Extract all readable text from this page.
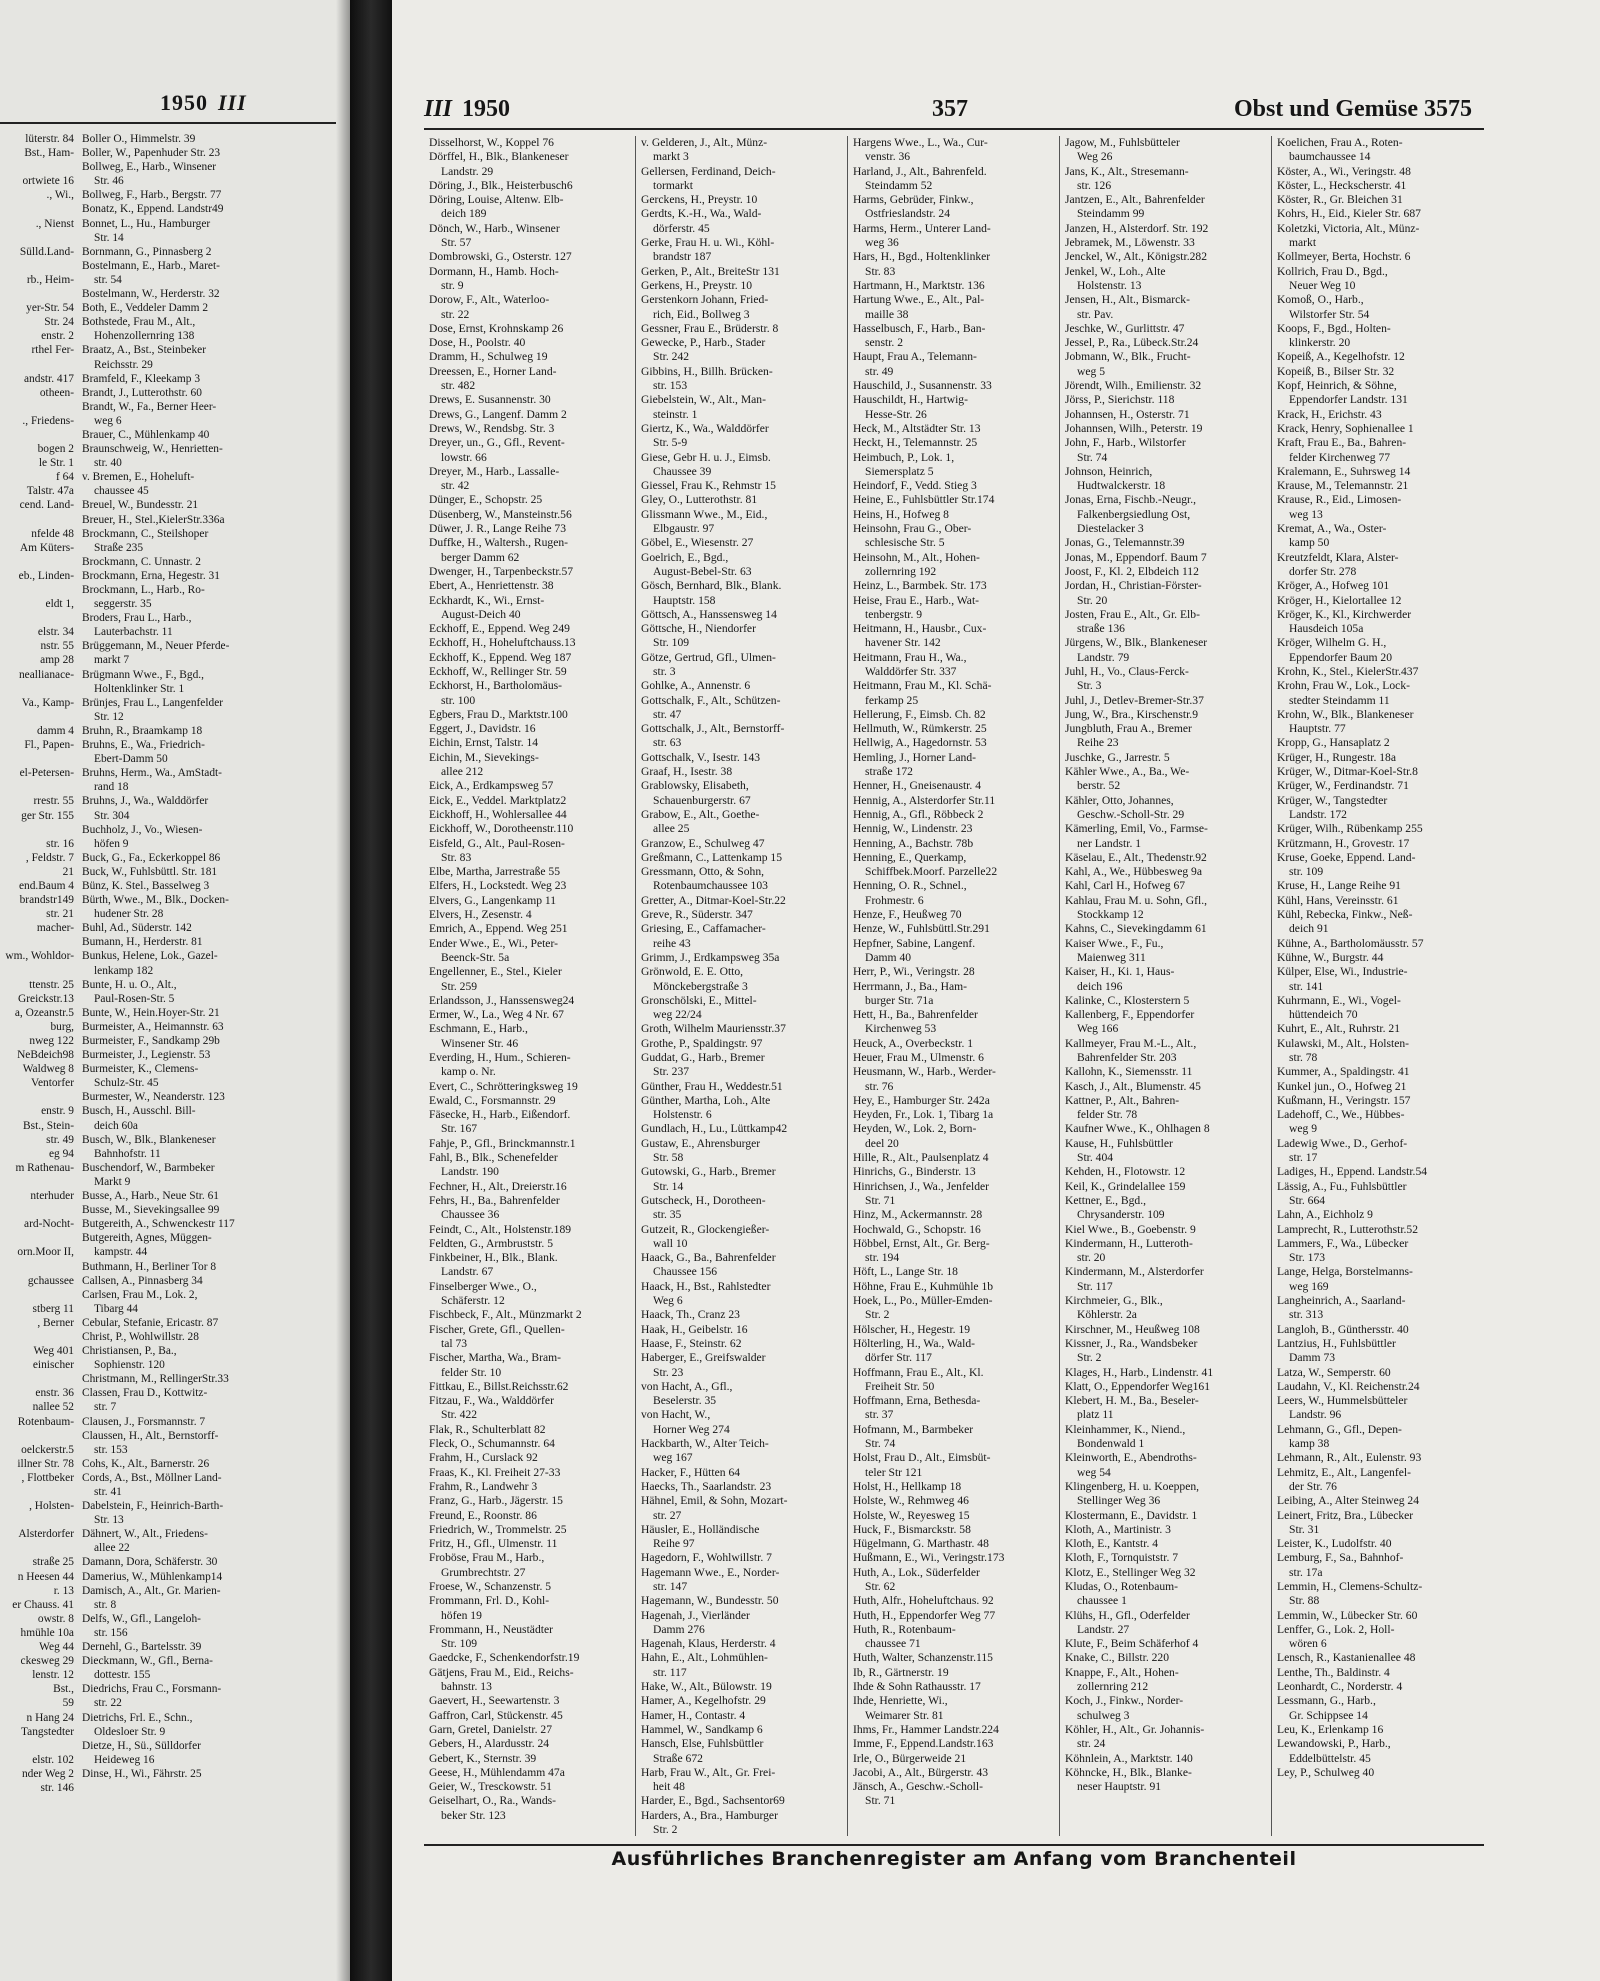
1950 III
lüterstr. 84
Bst., Ham-

ortwiete 16
., Wi.,

., Nienst

Sülld.Land-

rb., Heim-

yer-Str. 54
Str. 24
enstr. 2
rthel Fer-

andstr. 417
otheen-

., Friedens-

bogen 2
le Str. 1
f 64
Talstr. 47a
cend. Land-

nfelde 48
Am Küters-

eb., Linden-

eldt 1,

elstr. 34
nstr. 55
amp 28
neallianace-

Va., Kamp-

damm 4
Fl., Papen-

el-Petersen-

rrestr. 55
ger Str. 155

str. 16
, Feldstr. 7
21
end.Baum 4
brandstr149
str. 21
macher-

wm., Wohldor-

ttenstr. 25
Greickstr.13
a, Ozeanstr.5
burg,
nweg 122
NeBdeich98
Waldweg 8
Ventorfer

enstr. 9
Bst., Stein-
str. 49
eg 94
m Rathenau-

nterhuder

ard-Nocht-

orn.Moor II,

gchaussee

stberg 11
, Berner

Weg 401
einischer

enstr. 36
nallee 52
Rotenbaum-

oelckerstr.5
illner Str. 78
, Flottbeker

, Holsten-

Alsterdorfer

straße 25
n Heesen 44
r. 13
er Chauss. 41
owstr. 8
hmühle 10a
Weg 44
ckesweg 29
lenstr. 12
Bst.,
59
n Hang 24
Tangstedter

elstr. 102
nder Weg 2
str. 146
Boller O., Himmelstr. 39
Boller, W., Papenhuder Str. 23
Bollweg, E., Harb., Winsener
Str. 46
Bollweg, F., Harb., Bergstr. 77
Bonatz, K., Eppend. Landstr49
Bonnet, L., Hu., Hamburger
Str. 14
Bornmann, G., Pinnasberg 2
Bostelmann, E., Harb., Maret-
str. 54
Bostelmann, W., Herderstr. 32
Both, E., Veddeler Damm 2
Bothstede, Frau M., Alt.,
Hohenzollernring 138
Braatz, A., Bst., Steinbeker
Reichsstr. 29
Bramfeld, F., Kleekamp 3
Brandt, J., Lutterothstr. 60
Brandt, W., Fa., Berner Heer-
weg 6
Brauer, C., Mühlenkamp 40
Braunschweig, W., Henrietten-
str. 40
v. Bremen, E., Hoheluft-
chaussee 45
Breuel, W., Bundesstr. 21
Breuer, H., Stel.,KielerStr.336a
Brockmann, C., Steilshoper
Straße 235
Brockmann, C. Unnastr. 2
Brockmann, Erna, Hegestr. 31
Brockmann, L., Harb., Ro-
seggerstr. 35
Broders, Frau L., Harb.,
Lauterbachstr. 11
Brüggemann, M., Neuer Pferde-
markt 7
Brügmann Wwe., F., Bgd.,
Holtenklinker Str. 1
Brünjes, Frau L., Langenfelder
Str. 12
Bruhn, R., Braamkamp 18
Bruhns, E., Wa., Friedrich-
Ebert-Damm 50
Bruhns, Herm., Wa., AmStadt-
rand 18
Bruhns, J., Wa., Walddörfer
Str. 304
Buchholz, J., Vo., Wiesen-
höfen 9
Buck, G., Fa., Eckerkoppel 86
Buck, W., Fuhlsbüttl. Str. 181
Bünz, K. Stel., Basselweg 3
Bürth, Wwe., M., Blk., Docken-
hudener Str. 28
Buhl, Ad., Süderstr. 142
Bumann, H., Herderstr. 81
Bunkus, Helene, Lok., Gazel-
lenkamp 182
Bunte, H. u. O., Alt.,
Paul-Rosen-Str. 5
Bunte, W., Hein.Hoyer-Str. 21
Burmeister, A., Heimannstr. 63
Burmeister, F., Sandkamp 29b
Burmeister, J., Legienstr. 53
Burmeister, K., Clemens-
Schulz-Str. 45
Burmester, W., Neanderstr. 123
Busch, H., Ausschl. Bill-
deich 60a
Busch, W., Blk., Blankeneser
Bahnhofstr. 11
Buschendorf, W., Barmbeker
Markt 9
Busse, A., Harb., Neue Str. 61
Busse, M., Sievekingsallee 99
Butgereith, A., Schwenckestr 117
Butgereith, Agnes, Müggen-
kampstr. 44
Buthmann, H., Berliner Tor 8
Callsen, A., Pinnasberg 34
Carlsen, Frau M., Lok. 2,
Tibarg 44
Cebular, Stefanie, Ericastr. 87
Christ, P., Wohlwillstr. 28
Christiansen, P., Ba.,
Sophienstr. 120
Christmann, M., RellingerStr.33
Classen, Frau D., Kottwitz-
str. 7
Clausen, J., Forsmannstr. 7
Claussen, H., Alt., Bernstorff-
str. 153
Cohs, K., Alt., Barnerstr. 26
Cords, A., Bst., Möllner Land-
str. 41
Dabelstein, F., Heinrich-Barth-
Str. 13
Dähnert, W., Alt., Friedens-
allee 22
Damann, Dora, Schäferstr. 30
Damerius, W., Mühlenkamp14
Damisch, A., Alt., Gr. Marien-
str. 8
Delfs, W., Gfl., Langeloh-
str. 156
Dernehl, G., Bartelsstr. 39
Dieckmann, W., Gfl., Berna-
dottestr. 155
Diedrichs, Frau C., Forsmann-
str. 22
Dietrichs, Frl. E., Schn.,
Oldesloer Str. 9
Dietze, H., Sü., Sülldorfer
Heideweg 16
Dinse, H., Wi., Fährstr. 25
III 1950	357	Obst und Gemüse 3575
Disselhorst, W., Koppel 76
Dörffel, H., Blk., Blankeneser
Landstr. 29
Döring, J., Blk., Heisterbusch6
Döring, Louise, Altenw. Elb-
deich 189
Dönch, W., Harb., Winsener
Str. 57
Dombrowski, G., Osterstr. 127
Dormann, H., Hamb. Hoch-
str. 9
Dorow, F., Alt., Waterloo-
str. 22
Dose, Ernst, Krohnskamp 26
Dose, H., Poolstr. 40
Dramm, H., Schulweg 19
Dreessen, E., Horner Land-
str. 482
Drews, E. Susannenstr. 30
Drews, G., Langenf. Damm 2
Drews, W., Rendsbg. Str. 3
Dreyer, un., G., Gfl., Revent-
lowstr. 66
Dreyer, M., Harb., Lassalle-
str. 42
Dünger, E., Schopstr. 25
Düsenberg, W., Mansteinstr.56
Düwer, J. R., Lange Reihe 73
Duffke, H., Waltersh., Rugen-
berger Damm 62
Dwenger, H., Tarpenbeckstr.57
Ebert, A., Henriettenstr. 38
Eckhardt, K., Wi., Ernst-
August-Deich 40
Eckhoff, E., Eppend. Weg 249
Eckhoff, H., Hoheluftchauss.13
Eckhoff, K., Eppend. Weg 187
Eckhoff, W., Rellinger Str. 59
Eckhorst, H., Bartholomäus-
str. 100
Egbers, Frau D., Marktstr.100
Eggert, J., Davidstr. 16
Eichin, Ernst, Talstr. 14
Eichin, M., Sievekings-
allee 212
Eick, A., Erdkampsweg 57
Eick, E., Veddel. Marktplatz2
Eickhoff, H., Wohlersallee 44
Eickhoff, W., Dorotheenstr.110
Eisfeld, G., Alt., Paul-Rosen-
Str. 83
Elbe, Martha, Jarrestraße 55
Elfers, H., Lockstedt. Weg 23
Elvers, G., Langenkamp 11
Elvers, H., Zesenstr. 4
Emrich, A., Eppend. Weg 251
Ender Wwe., E., Wi., Peter-
Beenck-Str. 5a
Engellenner, E., Stel., Kieler
Str. 259
Erlandsson, J., Hanssensweg24
Ermer, W., La., Weg 4 Nr. 67
Eschmann, E., Harb.,
Winsener Str. 46
Everding, H., Hum., Schieren-
kamp o. Nr.
Evert, C., Schrötteringksweg 19
Ewald, C., Forsmannstr. 29
Fäsecke, H., Harb., Eißendorf.
Str. 167
Fahje, P., Gfl., Brinckmannstr.1
Fahl, B., Blk., Schenefelder
Landstr. 190
Fechner, H., Alt., Dreierstr.16
Fehrs, H., Ba., Bahrenfelder
Chaussee 36
Feindt, C., Alt., Holstenstr.189
Feldten, G., Armbruststr. 5
Finkbeiner, H., Blk., Blank.
Landstr. 67
Finselberger Wwe., O.,
Schäferstr. 12
Fischbeck, F., Alt., Münzmarkt 2
Fischer, Grete, Gfl., Quellen-
tal 73
Fischer, Martha, Wa., Bram-
felder Str. 10
Fittkau, E., Billst.Reichsstr.62
Fitzau, F., Wa., Walddörfer
Str. 422
Flak, R., Schulterblatt 82
Fleck, O., Schumannstr. 64
Frahm, H., Curslack 92
Fraas, K., Kl. Freiheit 27-33
Frahm, R., Landwehr 3
Franz, G., Harb., Jägerstr. 15
Freund, E., Roonstr. 86
Friedrich, W., Trommelstr. 25
Fritz, H., Gfl., Ulmenstr. 11
Froböse, Frau M., Harb.,
Grumbrechtstr. 27
Froese, W., Schanzenstr. 5
Frommann, Frl. D., Kohl-
höfen 19
Frommann, H., Neustädter
Str. 109
Gaedcke, F., Schenkendorfstr.19
Gätjens, Frau M., Eid., Reichs-
bahnstr. 13
Gaevert, H., Seewartenstr. 3
Gaffron, Carl, Stückenstr. 45
Garn, Gretel, Danielstr. 27
Gebers, H., Alardusstr. 24
Gebert, K., Sternstr. 39
Geese, H., Mühlendamm 47a
Geier, W., Tresckowstr. 51
Geiselhart, O., Ra., Wands-
beker Str. 123
v. Gelderen, J., Alt., Münz-
markt 3
Gellersen, Ferdinand, Deich-
tormarkt
Gerckens, H., Preystr. 10
Gerdts, K.-H., Wa., Wald-
dörferstr. 45
Gerke, Frau H. u. Wi., Köhl-
brandstr 187
Gerken, P., Alt., BreiteStr 131
Gerkens, H., Preystr. 10
Gerstenkorn Johann, Fried-
rich, Eid., Bollweg 3
Gessner, Frau E., Brüderstr. 8
Gewecke, P., Harb., Stader
Str. 242
Gibbins, H., Billh. Brücken-
str. 153
Giebelstein, W., Alt., Man-
steinstr. 1
Giertz, K., Wa., Walddörfer
Str. 5-9
Giese, Gebr H. u. J., Eimsb.
Chaussee 39
Giessel, Frau K., Rehmstr 15
Gley, O., Lutterothstr. 81
Glissmann Wwe., M., Eid.,
Elbgaustr. 97
Göbel, E., Wiesenstr. 27
Goelrich, E., Bgd.,
August-Bebel-Str. 63
Gösch, Bernhard, Blk., Blank.
Hauptstr. 158
Göttsch, A., Hanssensweg 14
Göttsche, H., Niendorfer
Str. 109
Götze, Gertrud, Gfl., Ulmen-
str. 3
Gohlke, A., Annenstr. 6
Gottschalk, F., Alt., Schützen-
str. 47
Gottschalk, J., Alt., Bernstorff-
str. 63
Gottschalk, V., Isestr. 143
Graaf, H., Isestr. 38
Grablowsky, Elisabeth,
Schauenburgerstr. 67
Grabow, E., Alt., Goethe-
allee 25
Granzow, E., Schulweg 47
Greßmann, C., Lattenkamp 15
Gressmann, Otto, & Sohn,
Rotenbaumchaussee 103
Gretter, A., Ditmar-Koel-Str.22
Greve, R., Süderstr. 347
Griesing, E., Caffamacher-
reihe 43
Grimm, J., Erdkampsweg 35a
Grönwold, E. E. Otto,
Mönckebergstraße 3
Gronschölski, E., Mittel-
weg 22/24
Groth, Wilhelm Mauriensstr.37
Grothe, P., Spaldingstr. 97
Guddat, G., Harb., Bremer
Str. 237
Günther, Frau H., Weddestr.51
Günther, Martha, Loh., Alte
Holstenstr. 6
Gundlach, H., Lu., Lüttkamp42
Gustaw, E., Ahrensburger
Str. 58
Gutowski, G., Harb., Bremer
Str. 14
Gutscheck, H., Dorotheen-
str. 35
Gutzeit, R., Glockengießer-
wall 10
Haack, G., Ba., Bahrenfelder
Chaussee 156
Haack, H., Bst., Rahlstedter
Weg 6
Haack, Th., Cranz 23
Haak, H., Geibelstr. 16
Haase, F., Steinstr. 62
Haberger, E., Greifswalder
Str. 23
von Hacht, A., Gfl.,
Beselerstr. 35
von Hacht, W.,
Horner Weg 274
Hackbarth, W., Alter Teich-
weg 167
Hacker, F., Hütten 64
Haecks, Th., Saarlandstr. 23
Hähnel, Emil, & Sohn, Mozart-
str. 27
Häusler, E., Holländische
Reihe 97
Hagedorn, F., Wohlwillstr. 7
Hagemann Wwe., E., Norder-
str. 147
Hagemann, W., Bundesstr. 50
Hagenah, J., Vierländer
Damm 276
Hagenah, Klaus, Herderstr. 4
Hahn, E., Alt., Lohmühlen-
str. 117
Hake, W., Alt., Bülowstr. 19
Hamer, A., Kegelhofstr. 29
Hamer, H., Contastr. 4
Hammel, W., Sandkamp 6
Hansch, Else, Fuhlsbüttler
Straße 672
Harb, Frau W., Alt., Gr. Frei-
heit 48
Harder, E., Bgd., Sachsentor69
Harders, A., Bra., Hamburger
Str. 2
Hargens Wwe., L., Wa., Cur-
venstr. 36
Harland, J., Alt., Bahrenfeld.
Steindamm 52
Harms, Gebrüder, Finkw.,
Ostfrieslandstr. 24
Harms, Herm., Unterer Land-
weg 36
Hars, H., Bgd., Holtenklinker
Str. 83
Hartmann, H., Marktstr. 136
Hartung Wwe., E., Alt., Pal-
maille 38
Hasselbusch, F., Harb., Ban-
senstr. 2
Haupt, Frau A., Telemann-
str. 49
Hauschild, J., Susannenstr. 33
Hauschildt, H., Hartwig-
Hesse-Str. 26
Heck, M., Altstädter Str. 13
Heckt, H., Telemannstr. 25
Heimbuch, P., Lok. 1,
Siemersplatz 5
Heindorf, F., Vedd. Stieg 3
Heine, E., Fuhlsbüttler Str.174
Heins, H., Hofweg 8
Heinsohn, Frau G., Ober-
schlesische Str. 5
Heinsohn, M., Alt., Hohen-
zollernring 192
Heinz, L., Barmbek. Str. 173
Heise, Frau E., Harb., Wat-
tenbergstr. 9
Heitmann, H., Hausbr., Cux-
havener Str. 142
Heitmann, Frau H., Wa.,
Walddörfer Str. 337
Heitmann, Frau M., Kl. Schä-
ferkamp 25
Hellerung, F., Eimsb. Ch. 82
Hellmuth, W., Rümkerstr. 25
Hellwig, A., Hagedornstr. 53
Hemling, J., Horner Land-
straße 172
Henner, H., Gneisenaustr. 4
Hennig, A., Alsterdorfer Str.11
Hennig, A., Gfl., Röbbeck 2
Hennig, W., Lindenstr. 23
Henning, A., Bachstr. 78b
Henning, E., Querkamp,
Schiffbek.Moorf. Parzelle22
Henning, O. R., Schnel.,
Frohmestr. 6
Henze, F., Heußweg 70
Henze, W., Fuhlsbüttl.Str.291
Hepfner, Sabine, Langenf.
Damm 40
Herr, P., Wi., Veringstr. 28
Herrmann, J., Ba., Ham-
burger Str. 71a
Hett, H., Ba., Bahrenfelder
Kirchenweg 53
Heuck, A., Overbeckstr. 1
Heuer, Frau M., Ulmenstr. 6
Heusmann, W., Harb., Werder-
str. 76
Hey, E., Hamburger Str. 242a
Heyden, Fr., Lok. 1, Tibarg 1a
Heyden, W., Lok. 2, Born-
deel 20
Hille, R., Alt., Paulsenplatz 4
Hinrichs, G., Binderstr. 13
Hinrichsen, J., Wa., Jenfelder
Str. 71
Hinz, M., Ackermannstr. 28
Hochwald, G., Schopstr. 16
Höbbel, Ernst, Alt., Gr. Berg-
str. 194
Höft, L., Lange Str. 18
Höhne, Frau E., Kuhmühle 1b
Hoek, L., Po., Müller-Emden-
Str. 2
Hölscher, H., Hegestr. 19
Hölterling, H., Wa., Wald-
dörfer Str. 117
Hoffmann, Frau E., Alt., Kl.
Freiheit Str. 50
Hoffmann, Erna, Bethesda-
str. 37
Hofmann, M., Barmbeker
Str. 74
Holst, Frau D., Alt., Eimsbüt-
teler Str 121
Holst, H., Hellkamp 18
Holste, W., Rehmweg 46
Holste, W., Reyesweg 15
Huck, F., Bismarckstr. 58
Hügelmann, G. Marthastr. 48
Hußmann, E., Wi., Veringstr.173
Huth, A., Lok., Süderfelder
Str. 62
Huth, Alfr., Hoheluftchaus. 92
Huth, H., Eppendorfer Weg 77
Huth, R., Rotenbaum-
chaussee 71
Huth, Walter, Schanzenstr.115
Ib, R., Gärtnerstr. 19
Ihde & Sohn Rathausstr. 17
Ihde, Henriette, Wi.,
Weimarer Str. 81
Ihms, Fr., Hammer Landstr.224
Imme, F., Eppend.Landstr.163
Irle, O., Bürgerweide 21
Jacobi, A., Alt., Bürgerstr. 43
Jänsch, A., Geschw.-Scholl-
Str. 71
Jagow, M., Fuhlsbütteler
Weg 26
Jans, K., Alt., Stresemann-
str. 126
Jantzen, E., Alt., Bahrenfelder
Steindamm 99
Janzen, H., Alsterdorf. Str. 192
Jebramek, M., Löwenstr. 33
Jenckel, W., Alt., Königstr.282
Jenkel, W., Loh., Alte
Holstenstr. 13
Jensen, H., Alt., Bismarck-
str. Pav.
Jeschke, W., Gurlittstr. 47
Jessel, P., Ra., Lübeck.Str.24
Jobmann, W., Blk., Frucht-
weg 5
Jörendt, Wilh., Emilienstr. 32
Jörss, P., Sierichstr. 118
Johannsen, H., Osterstr. 71
Johannsen, Wilh., Peterstr. 19
John, F., Harb., Wilstorfer
Str. 74
Johnson, Heinrich,
Hudtwalckerstr. 18
Jonas, Erna, Fischb.-Neugr.,
Falkenbergsiedlung Ost,
Diestelacker 3
Jonas, G., Telemannstr.39
Jonas, M., Eppendorf. Baum 7
Joost, F., Kl. 2, Elbdeich 112
Jordan, H., Christian-Förster-
Str. 20
Josten, Frau E., Alt., Gr. Elb-
straße 136
Jürgens, W., Blk., Blankeneser
Landstr. 79
Juhl, H., Vo., Claus-Ferck-
Str. 3
Juhl, J., Detlev-Bremer-Str.37
Jung, W., Bra., Kirschenstr.9
Jungbluth, Frau A., Bremer
Reihe 23
Juschke, G., Jarrestr. 5
Kähler Wwe., A., Ba., We-
berstr. 52
Kähler, Otto, Johannes,
Geschw.-Scholl-Str. 29
Kämerling, Emil, Vo., Farmse-
ner Landstr. 1
Käselau, E., Alt., Thedenstr.92
Kahl, A., We., Hübbesweg 9a
Kahl, Carl H., Hofweg 67
Kahlau, Frau M. u. Sohn, Gfl.,
Stockkamp 12
Kahns, C., Sievekingdamm 61
Kaiser Wwe., F., Fu.,
Maienweg 311
Kaiser, H., Ki. 1, Haus-
deich 196
Kalinke, C., Klosterstern 5
Kallenberg, F., Eppendorfer
Weg 166
Kallmeyer, Frau M.-L., Alt.,
Bahrenfelder Str. 203
Kallohn, K., Siemensstr. 11
Kasch, J., Alt., Blumenstr. 45
Kattner, P., Alt., Bahren-
felder Str. 78
Kaufner Wwe., K., Ohlhagen 8
Kause, H., Fuhlsbüttler
Str. 404
Kehden, H., Flotowstr. 12
Keil, K., Grindelallee 159
Kettner, E., Bgd.,
Chrysanderstr. 109
Kiel Wwe., B., Goebenstr. 9
Kindermann, H., Lutteroth-
str. 20
Kindermann, M., Alsterdorfer
Str. 117
Kirchmeier, G., Blk.,
Köhlerstr. 2a
Kirschner, M., Heußweg 108
Kissner, J., Ra., Wandsbeker
Str. 2
Klages, H., Harb., Lindenstr. 41
Klatt, O., Eppendorfer Weg161
Klebert, H. M., Ba., Beseler-
platz 11
Kleinhammer, K., Niend.,
Bondenwald 1
Kleinworth, E., Abendroths-
weg 54
Klingenberg, H. u. Koeppen,
Stellinger Weg 36
Klostermann, E., Davidstr. 1
Kloth, A., Martinistr. 3
Kloth, E., Kantstr. 4
Kloth, F., Tornquiststr. 7
Klotz, E., Stellinger Weg 32
Kludas, O., Rotenbaum-
chaussee 1
Klühs, H., Gfl., Oderfelder
Landstr. 27
Klute, F., Beim Schäferhof 4
Knake, C., Billstr. 220
Knappe, F., Alt., Hohen-
zollernring 212
Koch, J., Finkw., Norder-
schulweg 3
Köhler, H., Alt., Gr. Johannis-
str. 24
Köhnlein, A., Marktstr. 140
Köhncke, H., Blk., Blanke-
neser Hauptstr. 91
Koelichen, Frau A., Roten-
baumchaussee 14
Köster, A., Wi., Veringstr. 48
Köster, L., Heckscherstr. 41
Köster, R., Gr. Bleichen 31
Kohrs, H., Eid., Kieler Str. 687
Koletzki, Victoria, Alt., Münz-
markt
Kollmeyer, Berta, Hochstr. 6
Kollrich, Frau D., Bgd.,
Neuer Weg 10
Komoß, O., Harb.,
Wilstorfer Str. 54
Koops, F., Bgd., Holten-
klinkerstr. 20
Kopeiß, A., Kegelhofstr. 12
Kopeiß, B., Bilser Str. 32
Kopf, Heinrich, & Söhne,
Eppendorfer Landstr. 131
Krack, H., Erichstr. 43
Krack, Henry, Sophienallee 1
Kraft, Frau E., Ba., Bahren-
felder Kirchenweg 77
Kralemann, E., Suhrsweg 14
Krause, M., Telemannstr. 21
Krause, R., Eid., Limosen-
weg 13
Kremat, A., Wa., Oster-
kamp 50
Kreutzfeldt, Klara, Alster-
dorfer Str. 278
Kröger, A., Hofweg 101
Kröger, H., Kielortallee 12
Kröger, K., Kl., Kirchwerder
Hausdeich 105a
Kröger, Wilhelm G. H.,
Eppendorfer Baum 20
Krohn, K., Stel., KielerStr.437
Krohn, Frau W., Lok., Lock-
stedter Steindamm 11
Krohn, W., Blk., Blankeneser
Hauptstr. 77
Kropp, G., Hansaplatz 2
Krüger, H., Rungestr. 18a
Krüger, W., Ditmar-Koel-Str.8
Krüger, W., Ferdinandstr. 71
Krüger, W., Tangstedter
Landstr. 172
Krüger, Wilh., Rübenkamp 255
Krützmann, H., Grovestr. 17
Kruse, Goeke, Eppend. Land-
str. 109
Kruse, H., Lange Reihe 91
Kühl, Hans, Vereinsstr. 61
Kühl, Rebecka, Finkw., Neß-
deich 91
Kühne, A., Bartholomäusstr. 57
Kühne, W., Burgstr. 44
Külper, Else, Wi., Industrie-
str. 141
Kuhrmann, E., Wi., Vogel-
hüttendeich 70
Kuhrt, E., Alt., Ruhrstr. 21
Kulawski, M., Alt., Holsten-
str. 78
Kummer, A., Spaldingstr. 41
Kunkel jun., O., Hofweg 21
Kußmann, H., Veringstr. 157
Ladehoff, C., We., Hübbes-
weg 9
Ladewig Wwe., D., Gerhof-
str. 17
Ladiges, H., Eppend. Landstr.54
Lässig, A., Fu., Fuhlsbüttler
Str. 664
Lahn, A., Eichholz 9
Lamprecht, R., Lutterothstr.52
Lammers, F., Wa., Lübecker
Str. 173
Lange, Helga, Borstelmanns-
weg 169
Langheinrich, A., Saarland-
str. 313
Langloh, B., Günthersstr. 40
Lantzius, H., Fuhlsbüttler
Damm 73
Latza, W., Semperstr. 60
Laudahn, V., Kl. Reichenstr.24
Leers, W., Hummelsbütteler
Landstr. 96
Lehmann, G., Gfl., Depen-
kamp 38
Lehmann, R., Alt., Eulenstr. 93
Lehmitz, E., Alt., Langenfel-
der Str. 76
Leibing, A., Alter Steinweg 24
Leinert, Fritz, Bra., Lübecker
Str. 31
Leister, K., Ludolfstr. 40
Lemburg, F., Sa., Bahnhof-
str. 17a
Lemmin, H., Clemens-Schultz-
Str. 88
Lemmin, W., Lübecker Str. 60
Lenffer, G., Lok. 2, Holl-
wören 6
Lensch, R., Kastanienallee 48
Lenthe, Th., Baldinstr. 4
Leonhardt, C., Norderstr. 4
Lessmann, G., Harb.,
Gr. Schippsee 14
Leu, K., Erlenkamp 16
Lewandowski, P., Harb.,
Eddelbüttelstr. 45
Ley, P., Schulweg 40
Ausführliches Branchenregister am Anfang vom Branchenteil
